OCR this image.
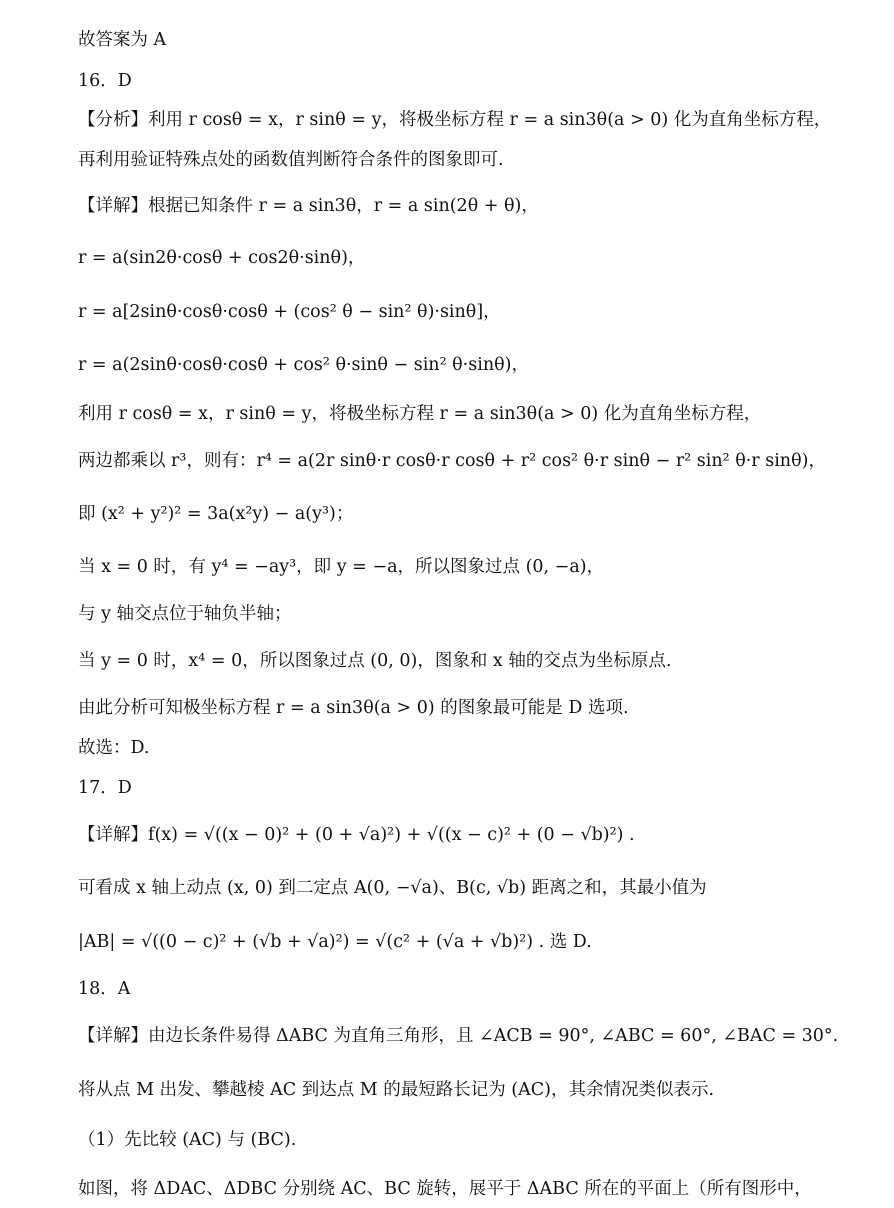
故答案为 A
16．D
【分析】利用 r cosθ = x，r sinθ = y，将极坐标方程 r = a sin3θ(a > 0) 化为直角坐标方程，
再利用验证特殊点处的函数值判断符合条件的图象即可.
【详解】根据已知条件 r = a sin3θ，r = a sin(2θ + θ)，
r = a(sin2θ·cosθ + cos2θ·sinθ)，
r = a[2sinθ·cosθ·cosθ + (cos² θ − sin² θ)·sinθ]，
r = a(2sinθ·cosθ·cosθ + cos² θ·sinθ − sin² θ·sinθ)，
利用 r cosθ = x，r sinθ = y，将极坐标方程 r = a sin3θ(a > 0) 化为直角坐标方程，
两边都乘以 r³，则有：r⁴ = a(2r sinθ·r cosθ·r cosθ + r² cos² θ·r sinθ − r² sin² θ·r sinθ)，
即 (x² + y²)² = 3a(x²y) − a(y³)；
当 x = 0 时，有 y⁴ = −ay³，即 y = −a，所以图象过点 (0, −a)，
与 y 轴交点位于轴负半轴；
当 y = 0 时，x⁴ = 0，所以图象过点 (0, 0)，图象和 x 轴的交点为坐标原点.
由此分析可知极坐标方程 r = a sin3θ(a > 0) 的图象最可能是 D 选项.
故选：D.
17．D
【详解】f(x) = √((x − 0)² + (0 + √a)²) + √((x − c)² + (0 − √b)²) .
可看成 x 轴上动点 (x, 0) 到二定点 A(0, −√a)、B(c, √b) 距离之和，其最小值为
|AB| = √((0 − c)² + (√b + √a)²) = √(c² + (√a + √b)²) . 选 D.
18．A
【详解】由边长条件易得 ΔABC 为直角三角形，且 ∠ACB = 90°, ∠ABC = 60°, ∠BAC = 30°.
将从点 M 出发、攀越棱 AC 到达点 M 的最短路长记为 (AC)，其余情况类似表示.
（1）先比较 (AC) 与 (BC).
如图，将 ΔDAC、ΔDBC 分别绕 AC、BC 旋转，展平于 ΔABC 所在的平面上（所有图形中，
